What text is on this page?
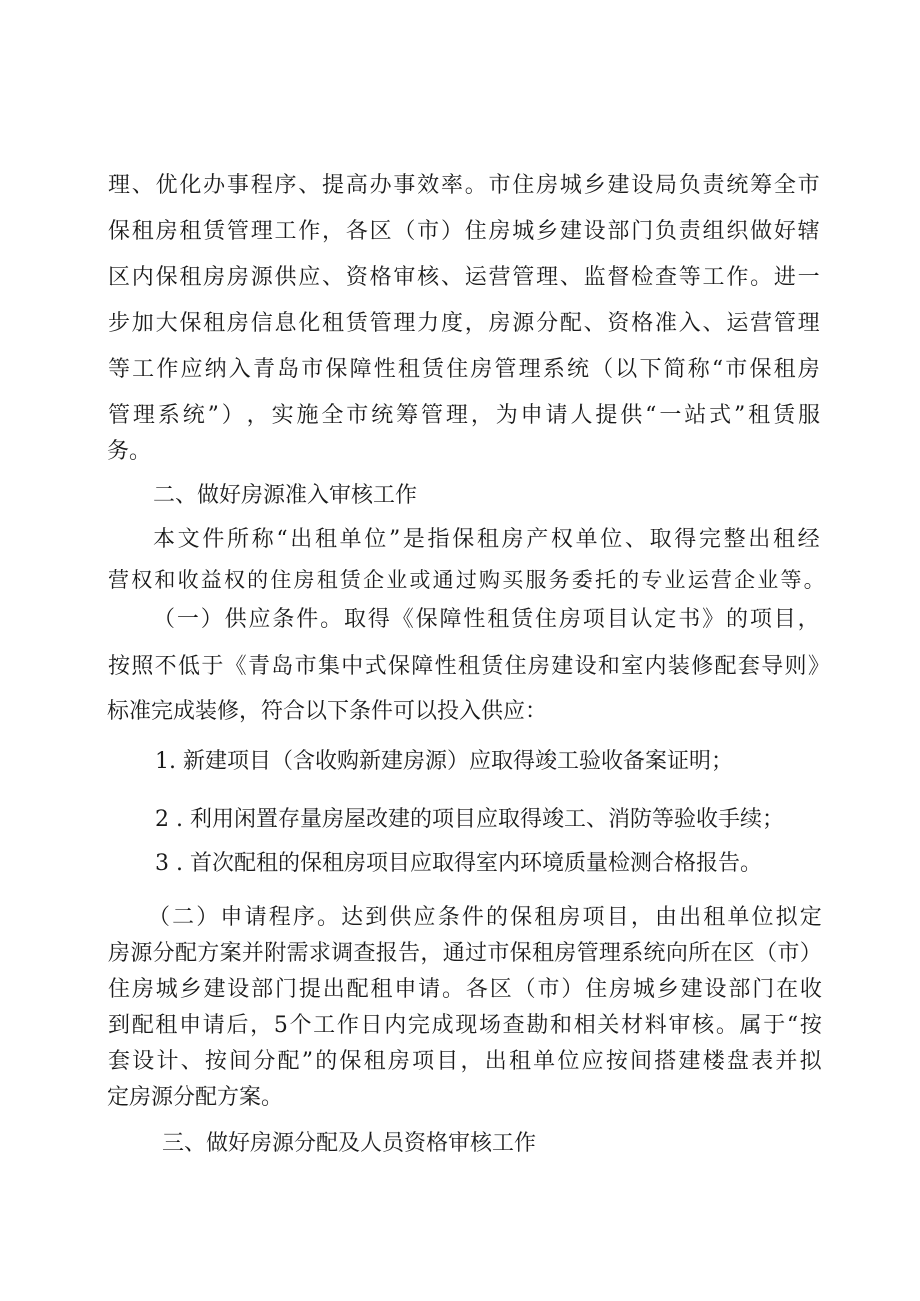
理 、 优 化 办 事 程 序 、 提 高 办 事 效 率 。 市 住 房 城 乡 建 设 局 负 责 统 筹 全 市
保 租 房 租 赁 管 理 工 作 ， 各 区 （ 市 ） 住 房 城 乡 建 设 部 门 负 责 组 织 做 好 辖
区 内 保 租 房 房 源 供 应 、 资 格 审 核 、 运 营 管 理 、 监 督 检 查 等 工 作 。 进 一
步 加 大 保 租 房 信 息 化 租 赁 管 理 力 度 ， 房 源 分 配 、 资 格 准 入 、 运 营 管 理
等 工 作 应 纳 入 青 岛 市 保 障 性 租 赁 住 房 管 理 系 统 （ 以 下 简 称 “ 市 保 租 房
管 理 系 统 ” ） ， 实 施 全 市 统 筹 管 理 ， 为 申 请 人 提 供 “ 一 站 式 ” 租 赁 服
务。
二、做好房源准入审核工作
本 文 件 所 称 “ 出 租 单 位 ” 是 指 保 租 房 产 权 单 位 、 取 得 完 整 出 租 经
营 权 和 收 益 权 的 住 房 租 赁 企 业 或 通 过 购 买 服 务 委 托 的 专 业 运 营 企 业 等 。
（ 一 ） 供 应 条 件 。 取 得 《 保 障 性 租 赁 住 房 项 目 认 定 书 》 的 项 目 ，
按 照 不 低 于 《 青 岛 市 集 中 式 保 障 性 租 赁 住 房 建 设 和 室 内 装 修 配 套 导 则 》
标准完成装修，符合以下条件可以投入供应：
1. 新建项目（含收购新建房源）应取得竣工验收备案证明；
2 . 利用闲置存量房屋改建的项目应取得竣工、消防等验收手续；
3 . 首次配租的保租房项目应取得室内环境质量检测合格报告。
（ 二 ） 申 请 程 序 。 达 到 供 应 条 件 的 保 租 房 项 目 ， 由 出 租 单 位 拟 定
房 源 分 配 方 案 并 附 需 求 调 查 报 告 ， 通 过 市 保 租 房 管 理 系 统 向 所 在 区 （ 市 ）
住 房 城 乡 建 设 部 门 提 出 配 租 申 请 。 各 区 （ 市 ） 住 房 城 乡 建 设 部 门 在 收
到 配 租 申 请 后 ， 5 个 工 作 日 内 完 成 现 场 查 勘 和 相 关 材 料 审 核 。 属 于 “ 按
套 设 计 、 按 间 分 配 ” 的 保 租 房 项 目 ， 出 租 单 位 应 按 间 搭 建 楼 盘 表 并 拟
定房源分配方案。
三、做好房源分配及人员资格审核工作
